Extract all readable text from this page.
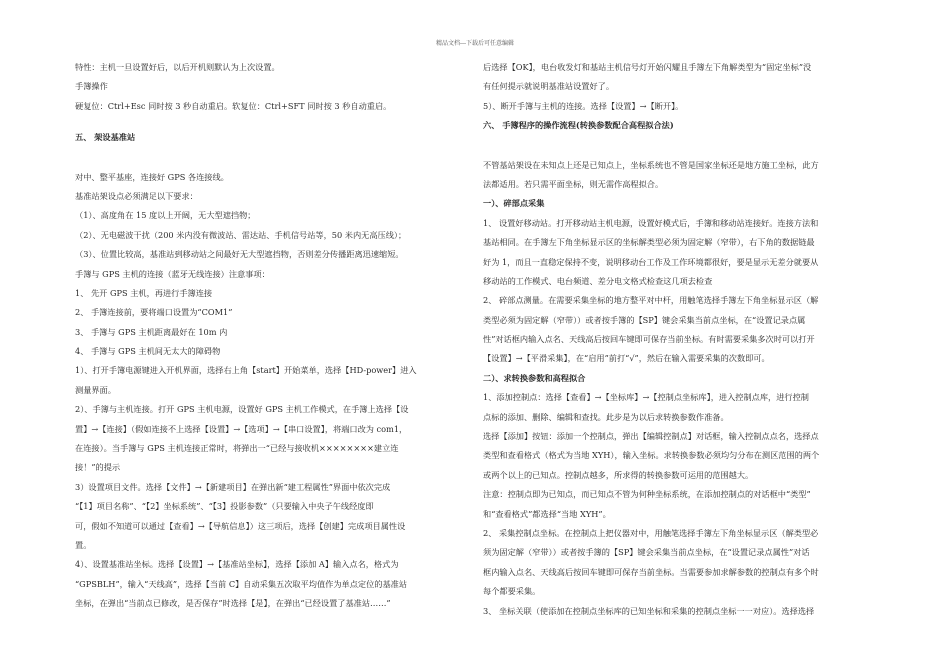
精品文档---下载后可任意编辑
特性：主机一旦设置好后，以后开机则默认为上次设置。
手簿操作
硬复位：Ctrl+Esc 同时按 3 秒自动重启。软复位：Ctrl+SFT 同时按 3 秒自动重启。
五、 架设基准站
对中、整平基座，连接好 GPS 各连接线。
基准站架设点必须满足以下要求：
（1）、高度角在 15 度以上开阔，无大型遮挡物；
（2）、无电磁波干扰（200 米内没有微波站、雷达站、手机信号站等，50 米内无高压线）；
（3）、位置比较高，基准站到移动站之间最好无大型遮挡物，否则差分传播距离迅速缩短。
手簿与 GPS 主机的连接（蓝牙无线连接）注意事项：
1、 先开 GPS 主机，再进行手簿连接
2、 手簿连接前，要将端口设置为“COM1”
3、 手簿与 GPS 主机距离最好在 10m 内
4、 手簿与 GPS 主机间无太大的障碍物
1）、打开手簿电源键进入开机界面，选择右上角【start】开始菜单，选择【HD-power】进入
测量界面。
2）、手簿与主机连接。打开 GPS 主机电源，设置好 GPS 主机工作模式，在手簿上选择【设
置】→【连接】（假如连接不上选择【设置】→【选项】→【串口设置】，将端口改为 com1，
在连接）。当手簿与 GPS 主机连接正常时，将弹出一“已经与接收机××××××××建立连
接！”的提示
3）设置项目文件。选择【文件】→【新建项目】在弹出新“建工程属性”界面中依次完成
“【1】项目名称”、“【2】坐标系统”、“【3】投影参数”（只要输入中央子午线经度即
可，假如不知道可以通过【查看】→【导航信息】）这三项后，选择【创建】完成项目属性设
置。
4）、设置基准站坐标。选择【设置】→【基准站坐标】，选择【添加 A】输入点名，格式为
“GPSBLH”，输入“天线高”，选择【当前 C】自动采集五次取平均值作为单点定位的基准站
坐标，在弹出“当前点已修改，是否保存”时选择【是】，在弹出“已经设置了基准站……”
后选择【OK】，电台收发灯和基站主机信号灯开始闪耀且手簿左下角解类型为“固定坐标”没
有任何提示就说明基准站设置好了。
5）、断开手簿与主机的连接。选择【设置】→【断开】。
六、 手簿程序的操作流程(转换参数配合高程拟合法)
不管基站架设在未知点上还是已知点上，坐标系统也不管是国家坐标还是地方施工坐标，此方
法都适用。若只需平面坐标，则无需作高程拟合。
一）、碎部点采集
1、 设置好移动站。打开移动站主机电源，设置好模式后，手簿和移动站连接好。连接方法和
基站相同。在手簿左下角坐标显示区的坐标解类型必须为固定解（窄带），右下角的数据链最
好为 1，而且一直稳定保持不变，说明移动台工作及工作环境都很好，要是显示无差分就要从
移动站的工作模式、电台频道、差分电文格式检查这几项去检查
2、 碎部点测量。在需要采集坐标的地方整平对中杆，用触笔选择手簿左下角坐标显示区（解
类型必须为固定解（窄带））或者按手簿的【SP】键会采集当前点坐标，在“设置记录点属
性”对话框内输入点名、天线高后按回车键即可保存当前坐标。有时需要采集多次时可以打开
【设置】→【平滑采集】，在“启用”前打“√”，然后在输入需要采集的次数即可。
二）、求转换参数和高程拟合
1、添加控制点：选择【查看】→【坐标库】→【控制点坐标库】，进入控制点库，进行控制
点标的添加、删除、编辑和查找。此步是为以后求转换参数作准备。
选择【添加】按钮：添加一个控制点，弹出【编辑控制点】对话框，输入控制点点名，选择点
类型和查看格式（格式为当地 XYH），输入坐标。求转换参数必须均匀分布在测区范围的两个
或两个以上的已知点。控制点越多，所求得的转换参数可运用的范围越大。
注意：控制点即为已知点，而已知点不管为何种坐标系统，在添加控制点的对话框中“类型”
和“查看格式”都选择“当地 XYH”。
2、 采集控制点坐标。在控制点上把仪器对中，用触笔选择手簿左下角坐标显示区（解类型必
须为固定解（窄带））或者按手簿的【SP】键会采集当前点坐标，在“设置记录点属性”对话
框内输入点名、天线高后按回车键即可保存当前坐标。当需要参加求解参数的控制点有多个时
每个都要采集。
3、 坐标关联（使添加在控制点坐标库的已知坐标和采集的控制点坐标一一对应）。选择选择
